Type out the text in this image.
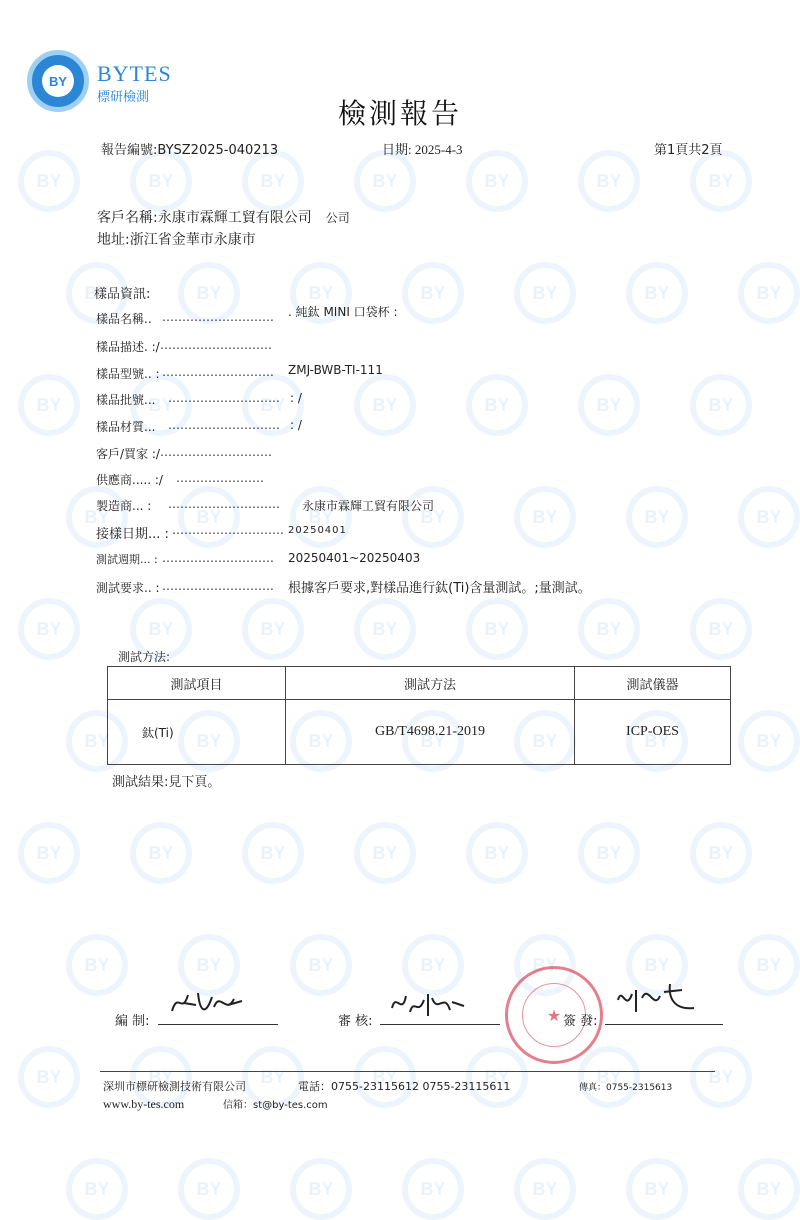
BY
BY
BY
BY
BY
BY
BY
BY
BY
BY
BY
BY
BY
BY
BY
BY
BY
BY
BY
BY
BY
BY
BY
BY
BY
BY
BY
BY
BY
BY
BY
BY
BY
BY
BY
BY
BY
BY
BY
BY
BY
BY
BY
BY
BY
BY
BY
BY
BY
BY
BY
BY
BY
BY
BY
BY
BY
BY
BY
BY
BY
BY
BY
BY
BY
BY
BY
BY
BY
BY
BY	BYTES
標研檢測
檢測報告
報告編號:BYSZ2025-040213	日期: 2025-4-3	第1頁共2頁
客戶名稱:永康市霖輝工貿有限公司 公司
地址:浙江省金華市永康市
樣品資訊:
樣品名稱.. ………………………. . 純鈦 MINI 口袋杯 :
樣品描述. :/ ……………………….
樣品型號.. : ………………………. ZMJ-BWB-TI-111
樣品批號... ………………………. : /
樣品材質... ………………………. : /
客戶/買家 :/ ……………………….
供應商..... :/ ………………….
製造商... : ………………………. 永康市霖輝工貿有限公司
接樣日期... : ………………………. 20250401
測試週期... : ………………………. 20250401~20250403
測試要求.. : ………………………. 根據客戶要求,對樣品進行鈦(Ti)含量測試。;量測試。
測試方法:
測試項目	測試方法	測試儀器
鈦(Ti)	GB/T4698.21-2019	ICP-OES
測試結果:見下頁。
編 制:	審 核:	★ 簽 發:
深圳市標研檢測技術有限公司	電話：0755-23115612 0755-23115611	傳真：0755-2315613
www.by-tes.com	信箱：st@by-tes.com
